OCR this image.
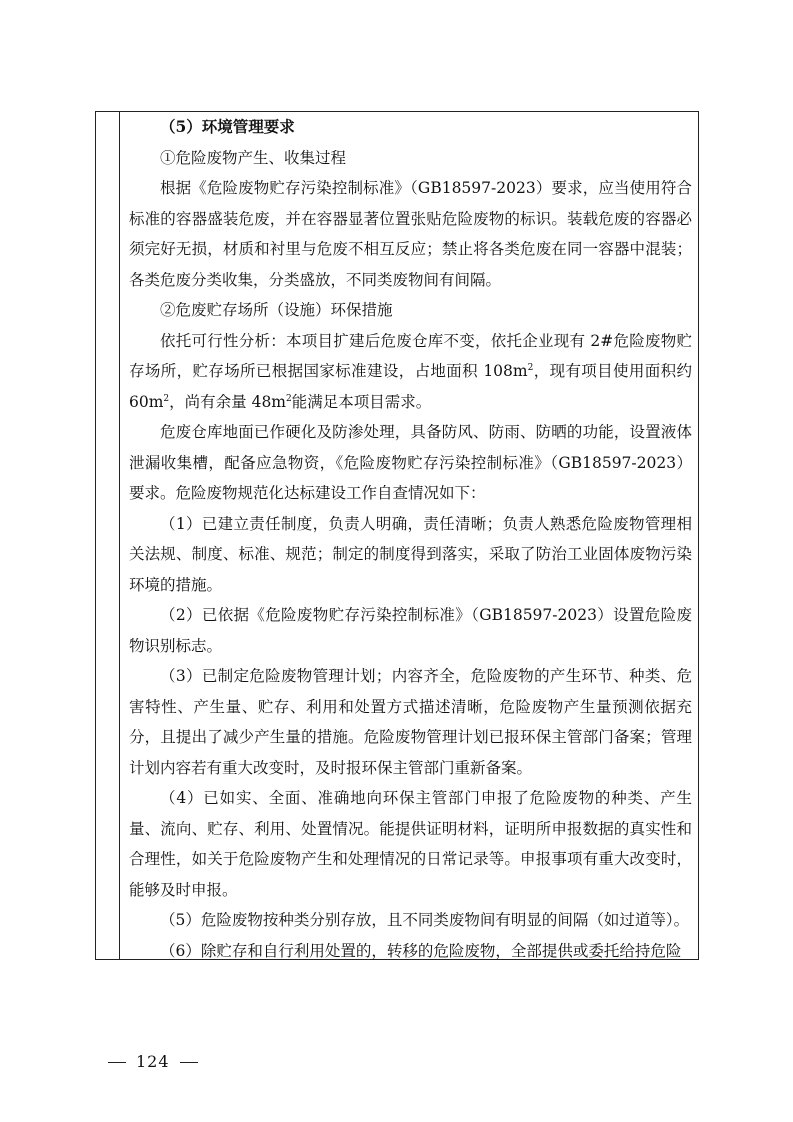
（5）环境管理要求

①危险废物产生、收集过程

根据《危险废物贮存污染控制标准》（GB18597-2023）要求，应当使用符合标准的容器盛装危废，并在容器显著位置张贴危险废物的标识。装载危废的容器必须完好无损，材质和衬里与危废不相互反应；禁止将各类危废在同一容器中混装；各类危废分类收集，分类盛放，不同类废物间有间隔。

②危废贮存场所（设施）环保措施

依托可行性分析：本项目扩建后危废仓库不变，依托企业现有 2#危险废物贮存场所，贮存场所已根据国家标准建设，占地面积 $108m^2$，现有项目使用面积约 $60m^2$，尚有余量 $48m^2$能满足本项目需求。

危废仓库地面已作硬化及防渗处理，具备防风、防雨、防晒的功能，设置液体泄漏收集槽，配备应急物资，《危险废物贮存污染控制标准》（GB18597-2023）要求。危险废物规范化达标建设工作自查情况如下：

（1）已建立责任制度，负责人明确，责任清晰；负责人熟悉危险废物管理相关法规、制度、标准、规范；制定的制度得到落实，采取了防治工业固体废物污染环境的措施。

（2）已依据《危险废物贮存污染控制标准》（GB18597-2023）设置危险废物识别标志。

（3）已制定危险废物管理计划；内容齐全，危险废物的产生环节、种类、危害特性、产生量、贮存、利用和处置方式描述清晰，危险废物产生量预测依据充分，且提出了减少产生量的措施。危险废物管理计划已报环保主管部门备案；管理计划内容若有重大改变时，及时报环保主管部门重新备案。

（4）已如实、全面、准确地向环保主管部门申报了危险废物的种类、产生量、流向、贮存、利用、处置情况。能提供证明材料，证明所申报数据的真实性和合理性，如关于危险废物产生和处理情况的日常记录等。申报事项有重大改变时，能够及时申报。

（5）危险废物按种类分别存放，且不同类废物间有明显的间隔（如过道等）。

（6）除贮存和自行利用处置的，转移的危险废物，全部提供或委托给持危险

124
